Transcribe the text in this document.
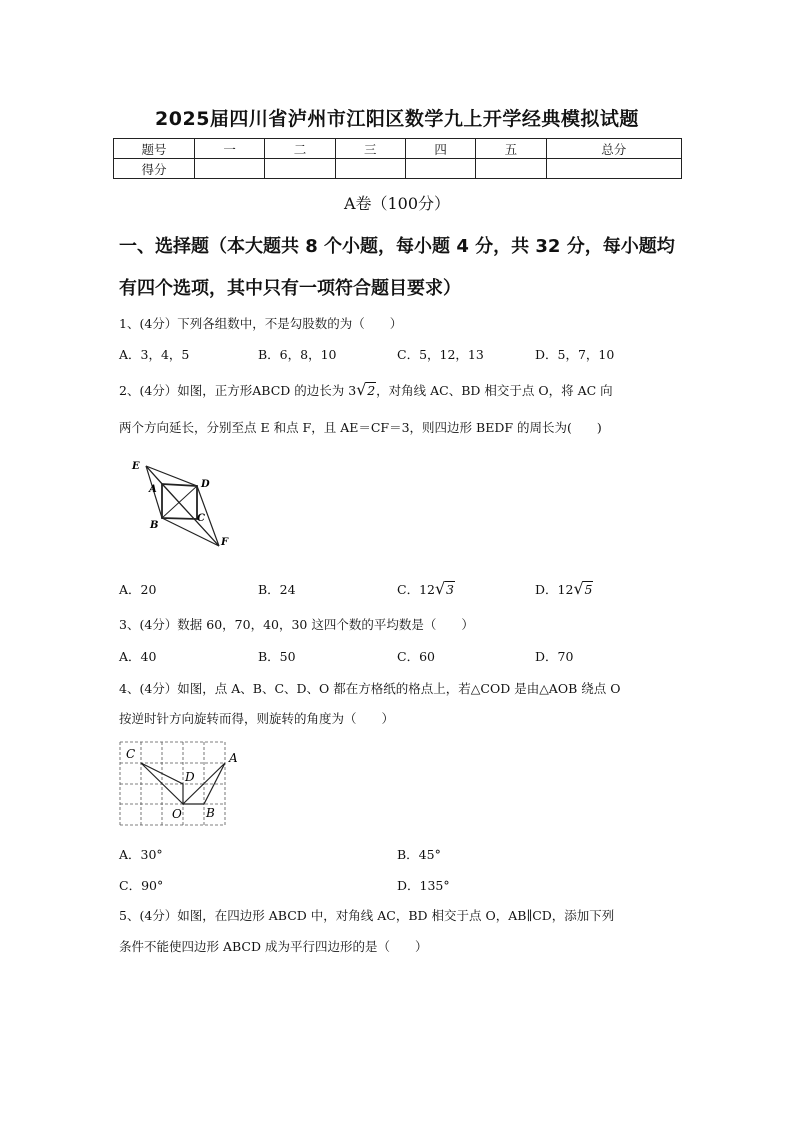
2025届四川省泸州市江阳区数学九上开学经典模拟试题
题号	一	二	三	四	五	总分
得分						
A卷（100分）
一、选择题（本大题共 8 个小题，每小题 4 分，共 32 分，每小题均
有四个选项，其中只有一项符合题目要求）
1、(4分）下列各组数中，不是勾股数的为（　　）
A．3，4，5	B．6，8，10	C．5，12，13	D．5，7，10
2、(4分）如图，正方形ABCD 的边长为 3 √ 2，对角线 AC、BD 相交于点 O，将 AC 向
两个方向延长，分别至点 E 和点 F，且 AE＝CF＝3，则四边形 BEDF 的周长为(　　)
E
A	D
B
C
F
A．20	B．24	C．12 √ 3	D．12 √ 5
3、(4分）数据 60，70，40，30 这四个数的平均数是（　　）
A．40	B．50	C．60	D．70
4、(4分）如图，点 A、B、C、D、O 都在方格纸的格点上，若△COD 是由△AOB 绕点 O
按逆时针方向旋转而得，则旋转的角度为（　　）
C	A
D
O B
A．30°	B．45°
C．90°	D．135°
5、(4分）如图，在四边形 ABCD 中，对角线 AC，BD 相交于点 O，AB∥CD，添加下列
条件不能使四边形 ABCD 成为平行四边形的是（　　）
